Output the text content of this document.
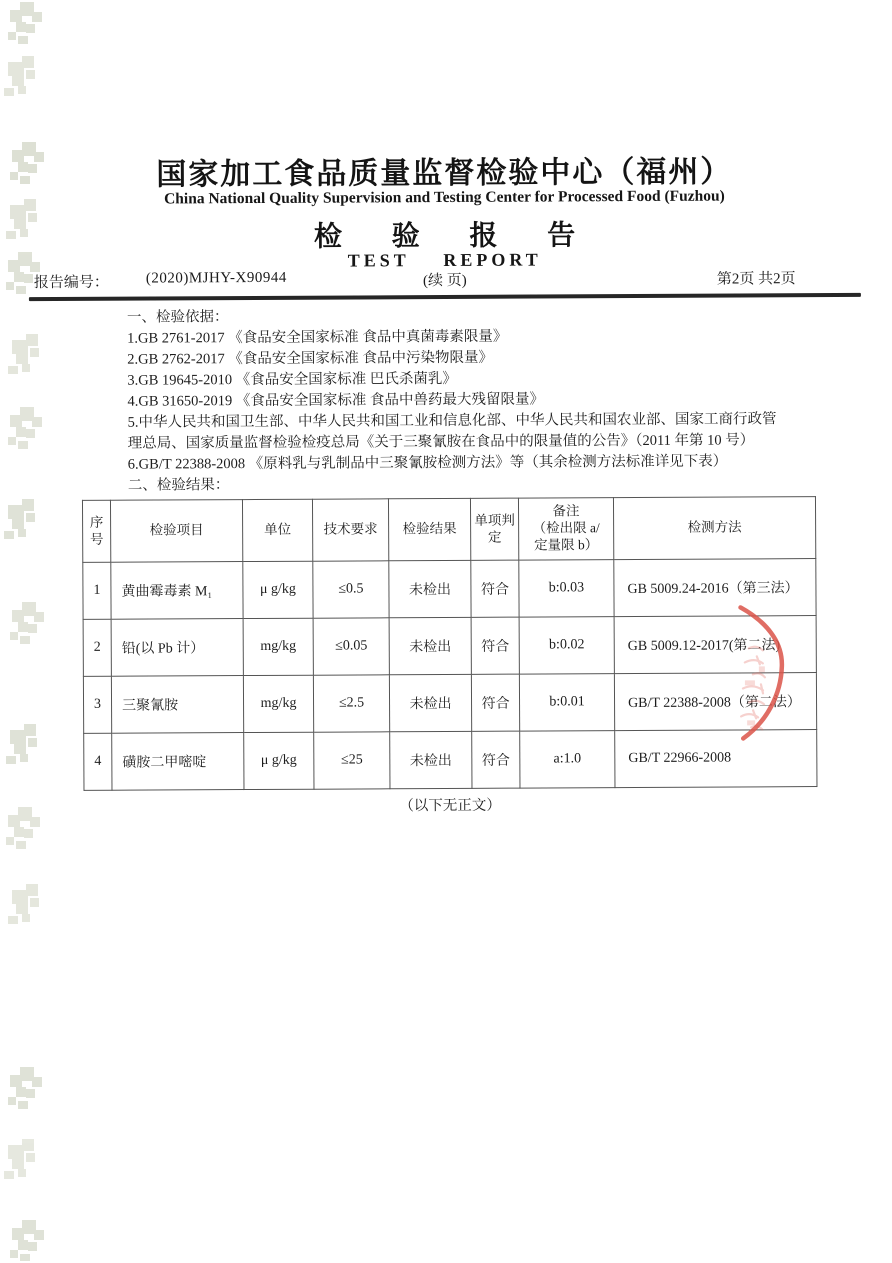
国家加工食品质量监督检验中心（福州）
China National Quality Supervision and Testing Center for Processed Food (Fuzhou)
检 验 报 告
TEST    REPORT
报告编号： (2020)MJHY-X90944	(续 页)	第2页 共2页

一、检验依据：

1.GB 2761-2017 《食品安全国家标准 食品中真菌毒素限量》

2.GB 2762-2017 《食品安全国家标准 食品中污染物限量》

3.GB 19645-2010 《食品安全国家标准 巴氏杀菌乳》

4.GB 31650-2019 《食品安全国家标准 食品中兽药最大残留限量》

5.中华人民共和国卫生部、中华人民共和国工业和信息化部、中华人民共和国农业部、国家工商行政管理总局、国家质量监督检验检疫总局《关于三聚氰胺在食品中的限量值的公告》（2011 年第 10 号）

6.GB/T 22388-2008 《原料乳与乳制品中三聚氰胺检测方法》等（其余检测方法标准详见下表）

二、检验结果：

序号	检验项目	单位	技术要求	检验结果	单项判定	备注
（检出限 a/
定量限 b）	检测方法
1	黄曲霉毒素 M₁	μ g/kg	≤0.5	未检出	符合	b:0.03	GB 5009.24-2016（第三法）
2	铅(以 Pb 计）	mg/kg	≤0.05	未检出	符合	b:0.02	GB 5009.12-2017(第二法)
3	三聚氰胺	mg/kg	≤2.5	未检出	符合	b:0.01	GB/T 22388-2008（第二法）
4	磺胺二甲嘧啶	μ g/kg	≤25	未检出	符合	a:1.0	GB/T 22966-2008
（以下无正文）
